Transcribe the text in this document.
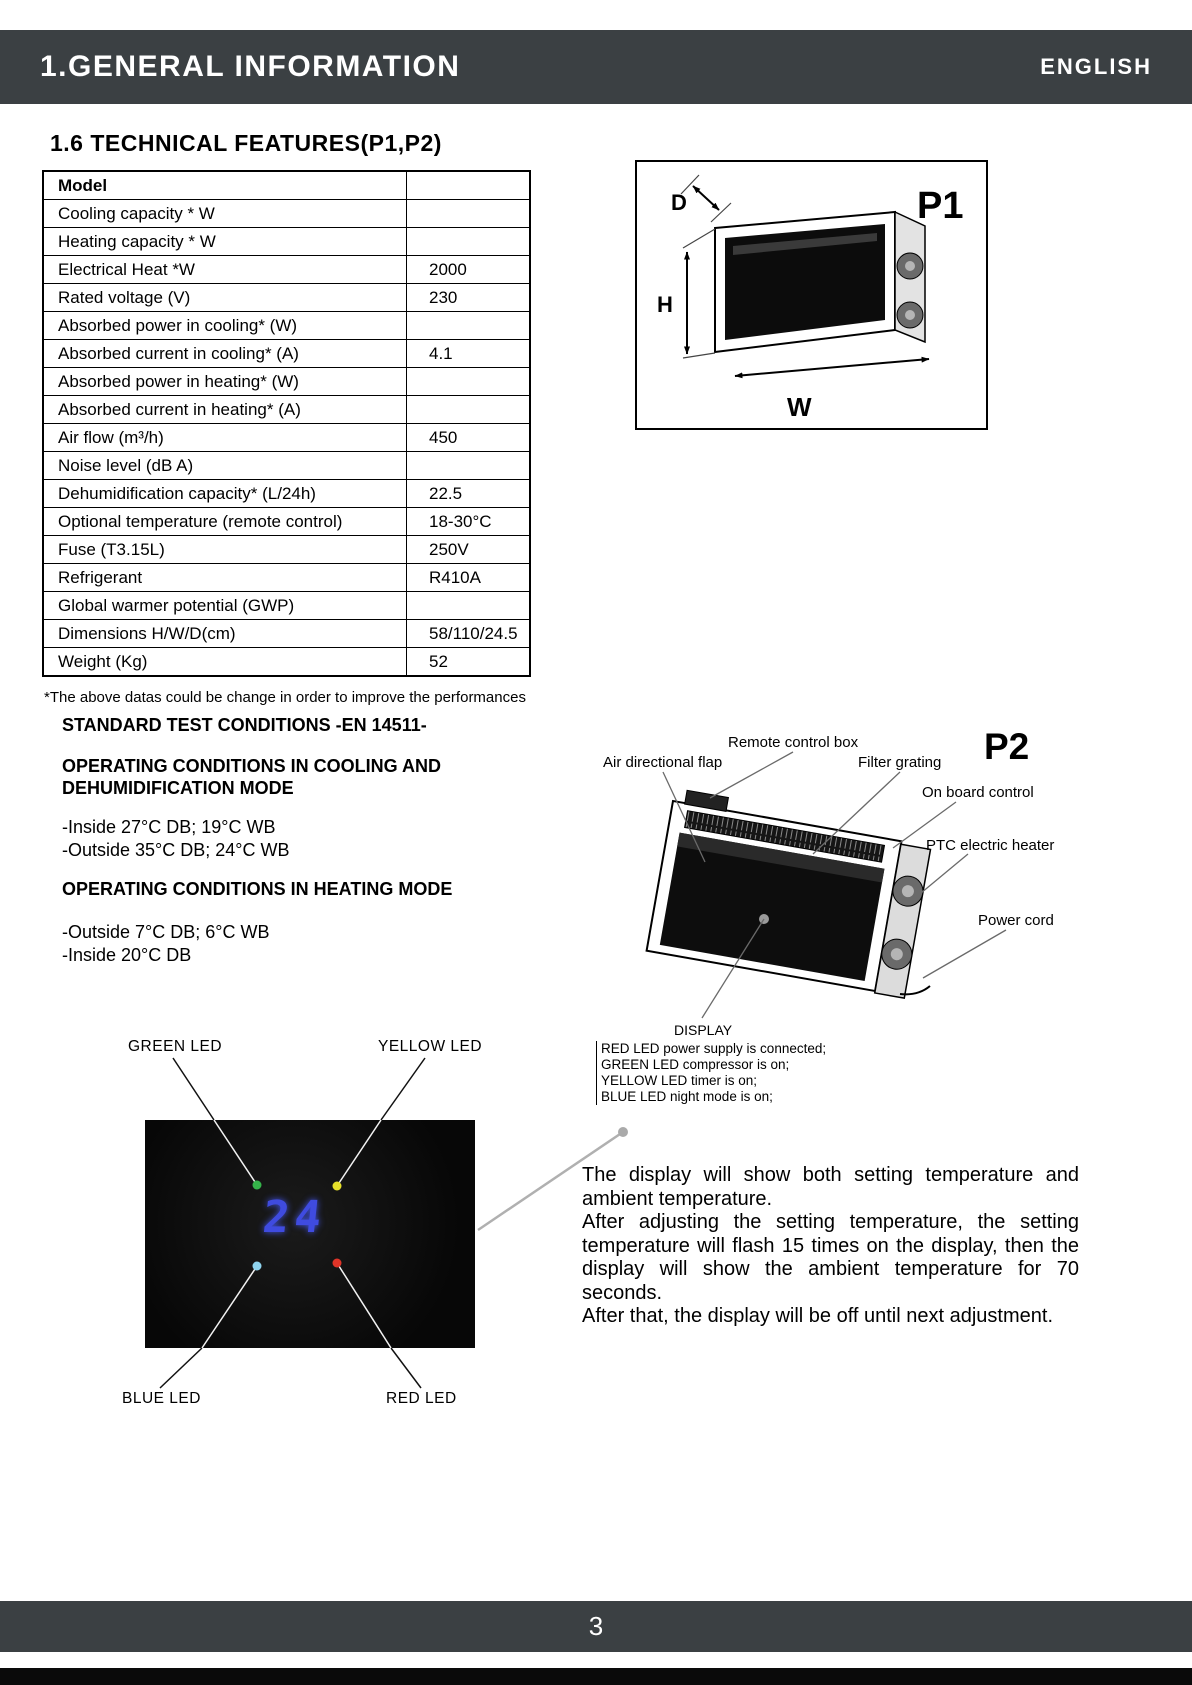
1.GENERAL INFORMATION	ENGLISH
1.6 TECHNICAL FEATURES(P1,P2)
Model	
Cooling capacity * W	
Heating capacity * W	
Electrical Heat *W	2000
Rated voltage (V)	230
Absorbed power in cooling* (W)	
Absorbed current in cooling* (A)	4.1
Absorbed power in heating* (W)	
Absorbed current in heating* (A)	
Air flow (m³/h)	450
Noise level (dB A)	
Dehumidification capacity* (L/24h)	22.5
Optional temperature (remote control)	18-30°C
Fuse (T3.15L)	250V
Refrigerant	R410A
Global warmer potential (GWP)	
Dimensions H/W/D(cm)	58/110/24.5
Weight (Kg)	52
*The above datas could be change in order to improve the performances
STANDARD TEST CONDITIONS -EN 14511-
OPERATING CONDITIONS IN COOLING AND DEHUMIDIFICATION MODE
-Inside 27°C DB; 19°C WB
-Outside 35°C DB; 24°C WB
OPERATING CONDITIONS IN HEATING MODE
-Outside 7°C DB; 6°C WB
-Inside 20°C DB
D
H
W
P1
Remote control box
Air directional flap	Filter grating P2
On board control
PTC electric heater
Power cord
DISPLAY
RED LED power supply is connected;
GREEN LED compressor is on;
YELLOW LED timer is on;
BLUE LED night mode is on;
GREEN LED	YELLOW LED
BLUE LED	RED LED
24

The display will show both setting temperature and ambient temperature.

After adjusting the setting temperature, the setting temperature will flash 15 times on the display, then the display will show the ambient temperature for 70 seconds.

After that, the display will be off until next adjustment.

3
